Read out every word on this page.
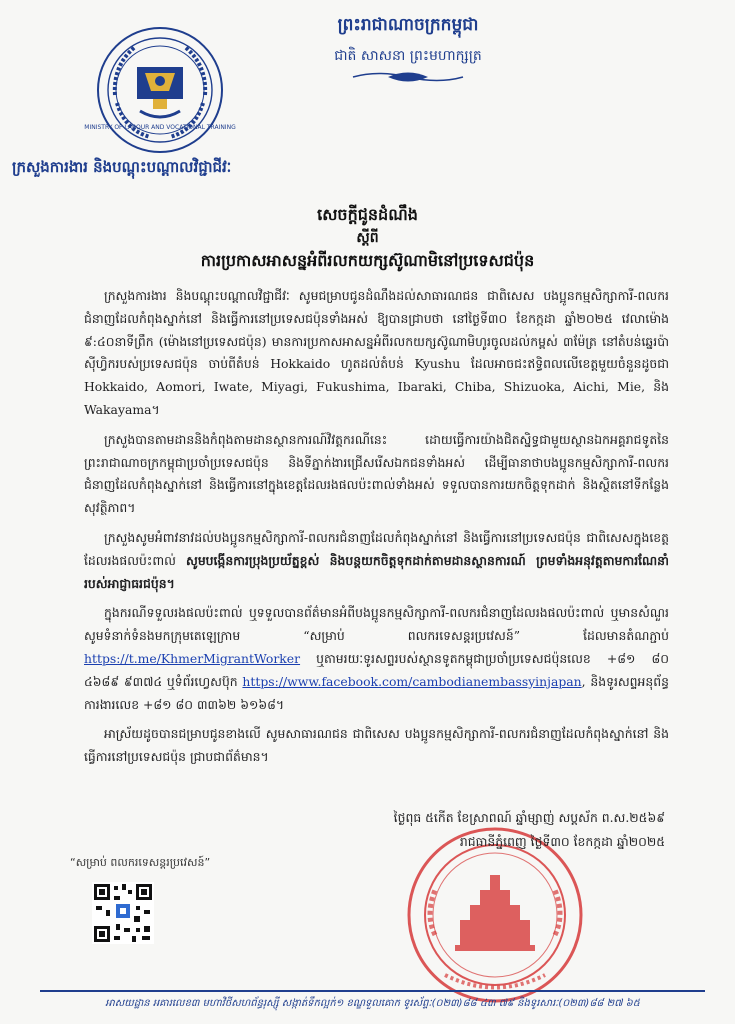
MINISTRY OF LABOUR AND VOCATIONAL TRAINING
ព្រះរាជាណាចក្រកម្ពុជា
ជាតិ សាសនា ព្រះមហាក្សត្រ
ក្រសួងការងារ និងបណ្តុះបណ្តាលវិជ្ជាជីវៈ
សេចក្តីជូនដំណឹង
ស្តីពី
ការប្រកាសអាសន្នអំពីរលកយក្សស៊ូណាមិនៅប្រទេសជប៉ុន

ក្រសួងការងារ និងបណ្តុះបណ្តាលវិជ្ជាជីវៈ សូមជម្រាបជូនដំណឹងដល់សាធារណជន ជាពិសេស បងប្អូនកម្មសិក្សាការី-ពលករជំនាញដែលកំពុងស្នាក់នៅ និងធ្វើការនៅប្រទេសជប៉ុនទាំងអស់ ឱ្យបានជ្រាបថា នៅថ្ងៃទី៣០ ខែកក្កដា ឆ្នាំ២០២៥ វេលាម៉ោង ៩:៤០នាទីព្រឹក (ម៉ោងនៅប្រទេសជប៉ុន) មានការប្រកាសអាសន្នអំពីរលកយក្សស៊ូណាមិហូរចូលដល់កម្ពស់ ៣ម៉ែត្រ នៅតំបន់ឆ្នេរប៉ាស៊ីហ្វិករបស់ប្រទេសជប៉ុន ចាប់ពីតំបន់ Hokkaido ហូតដល់តំបន់ Kyushu ដែលអាចជះឥទ្ធិពលលើខេត្តមួយចំនួនដូចជា Hokkaido, Aomori, Iwate, Miyagi, Fukushima, Ibaraki, Chiba, Shizuoka, Aichi, Mie, និង Wakayama។

ក្រសួងបានតាមដាននិងកំពុងតាមដានស្ថានការណ៍វិវត្តករណីនេះ ដោយធ្វើការយ៉ាងជិតស្និទ្ធជាមួយស្ថានឯកអគ្គរាជទូតនៃព្រះរាជាណាចក្រកម្ពុជាប្រចាំប្រទេសជប៉ុន និងទីភ្នាក់ងារជ្រើសរើសឯកជនទាំងអស់ ដើម្បីធានាថាបងប្អូនកម្មសិក្សាការី-ពលករជំនាញដែលកំពុងស្នាក់នៅ និងធ្វើការនៅក្នុងខេត្តដែលរងផលប៉ះពាល់ទាំងអស់ ទទួលបានការយកចិត្តទុកដាក់ និងស្ថិតនៅទីកន្លែងសុវត្ថិភាព។

ក្រសួងសូមអំពាវនាវដល់បងប្អូនកម្មសិក្សាការី-ពលករជំនាញដែលកំពុងស្នាក់នៅ និងធ្វើការនៅប្រទេសជប៉ុន ជាពិសេសក្នុងខេត្តដែលរងផលប៉ះពាល់ សូមបង្កើនការប្រុងប្រយ័ត្នខ្ពស់ និងបន្តយកចិត្តទុកដាក់តាមដានស្ថានការណ៍ ព្រមទាំងអនុវត្តតាមការណែនាំរបស់អាជ្ញាធរជប៉ុន។

ក្នុងករណីទទួលរងផលប៉ះពាល់ ឬទទួលបានព័ត៌មានអំពីបងប្អូនកម្មសិក្សាការី-ពលករជំនាញដែលរងផលប៉ះពាល់ ឬមានសំណួរ សូមទំនាក់ទំនងមកក្រុមតេឡេក្រាម “សម្រាប់ ពលករទេសន្តរប្រវេសន៍” ដែលមានតំណភ្ជាប់ https://t.me/KhmerMigrantWorker ឬតាមរយៈទូរសព្ទរបស់ស្ថានទូតកម្ពុជាប្រចាំប្រទេសជប៉ុនលេខ +៨១ ៨០ ៤៦៨៩ ៩៣៧៤ ឬទំព័រហ្វេសប៊ុក https://www.facebook.com/cambodianembassyinjapan, និងទូរសព្ទអនុព័ន្ធការងារលេខ +៨១ ៨០ ៣៣៦២ ៦១៦៨។

អាស្រ័យដូចបានជម្រាបជូនខាងលើ សូមសាធារណជន ជាពិសេស បងប្អូនកម្មសិក្សាការី-ពលករជំនាញដែលកំពុងស្នាក់នៅ និងធ្វើការនៅប្រទេសជប៉ុន ជ្រាបជាព័ត៌មាន។

ថ្ងៃពុធ ៥កើត ខែស្រាពណ៍ ឆ្នាំម្សាញ់ សប្តស័ក ព.ស.២៥៦៩
រាជធានីភ្នំពេញ ថ្ងៃទី៣០ ខែកក្កដា ឆ្នាំ២០២៥
“សម្រាប់ ពលករទេសន្តរប្រវេសន៍”
អាសយដ្ឋាន អគារលេខ៣ មហាវិថីសហព័ន្ធរុស្ស៊ី សង្កាត់ទឹកល្អក់១ ខណ្ឌទួលគោក ទូរស័ព្ទៈ(០២៣)៨៨ ៤៣ ៧៩ និងទូរសារៈ(០២៣)៨៨ ២៧ ៦៥
